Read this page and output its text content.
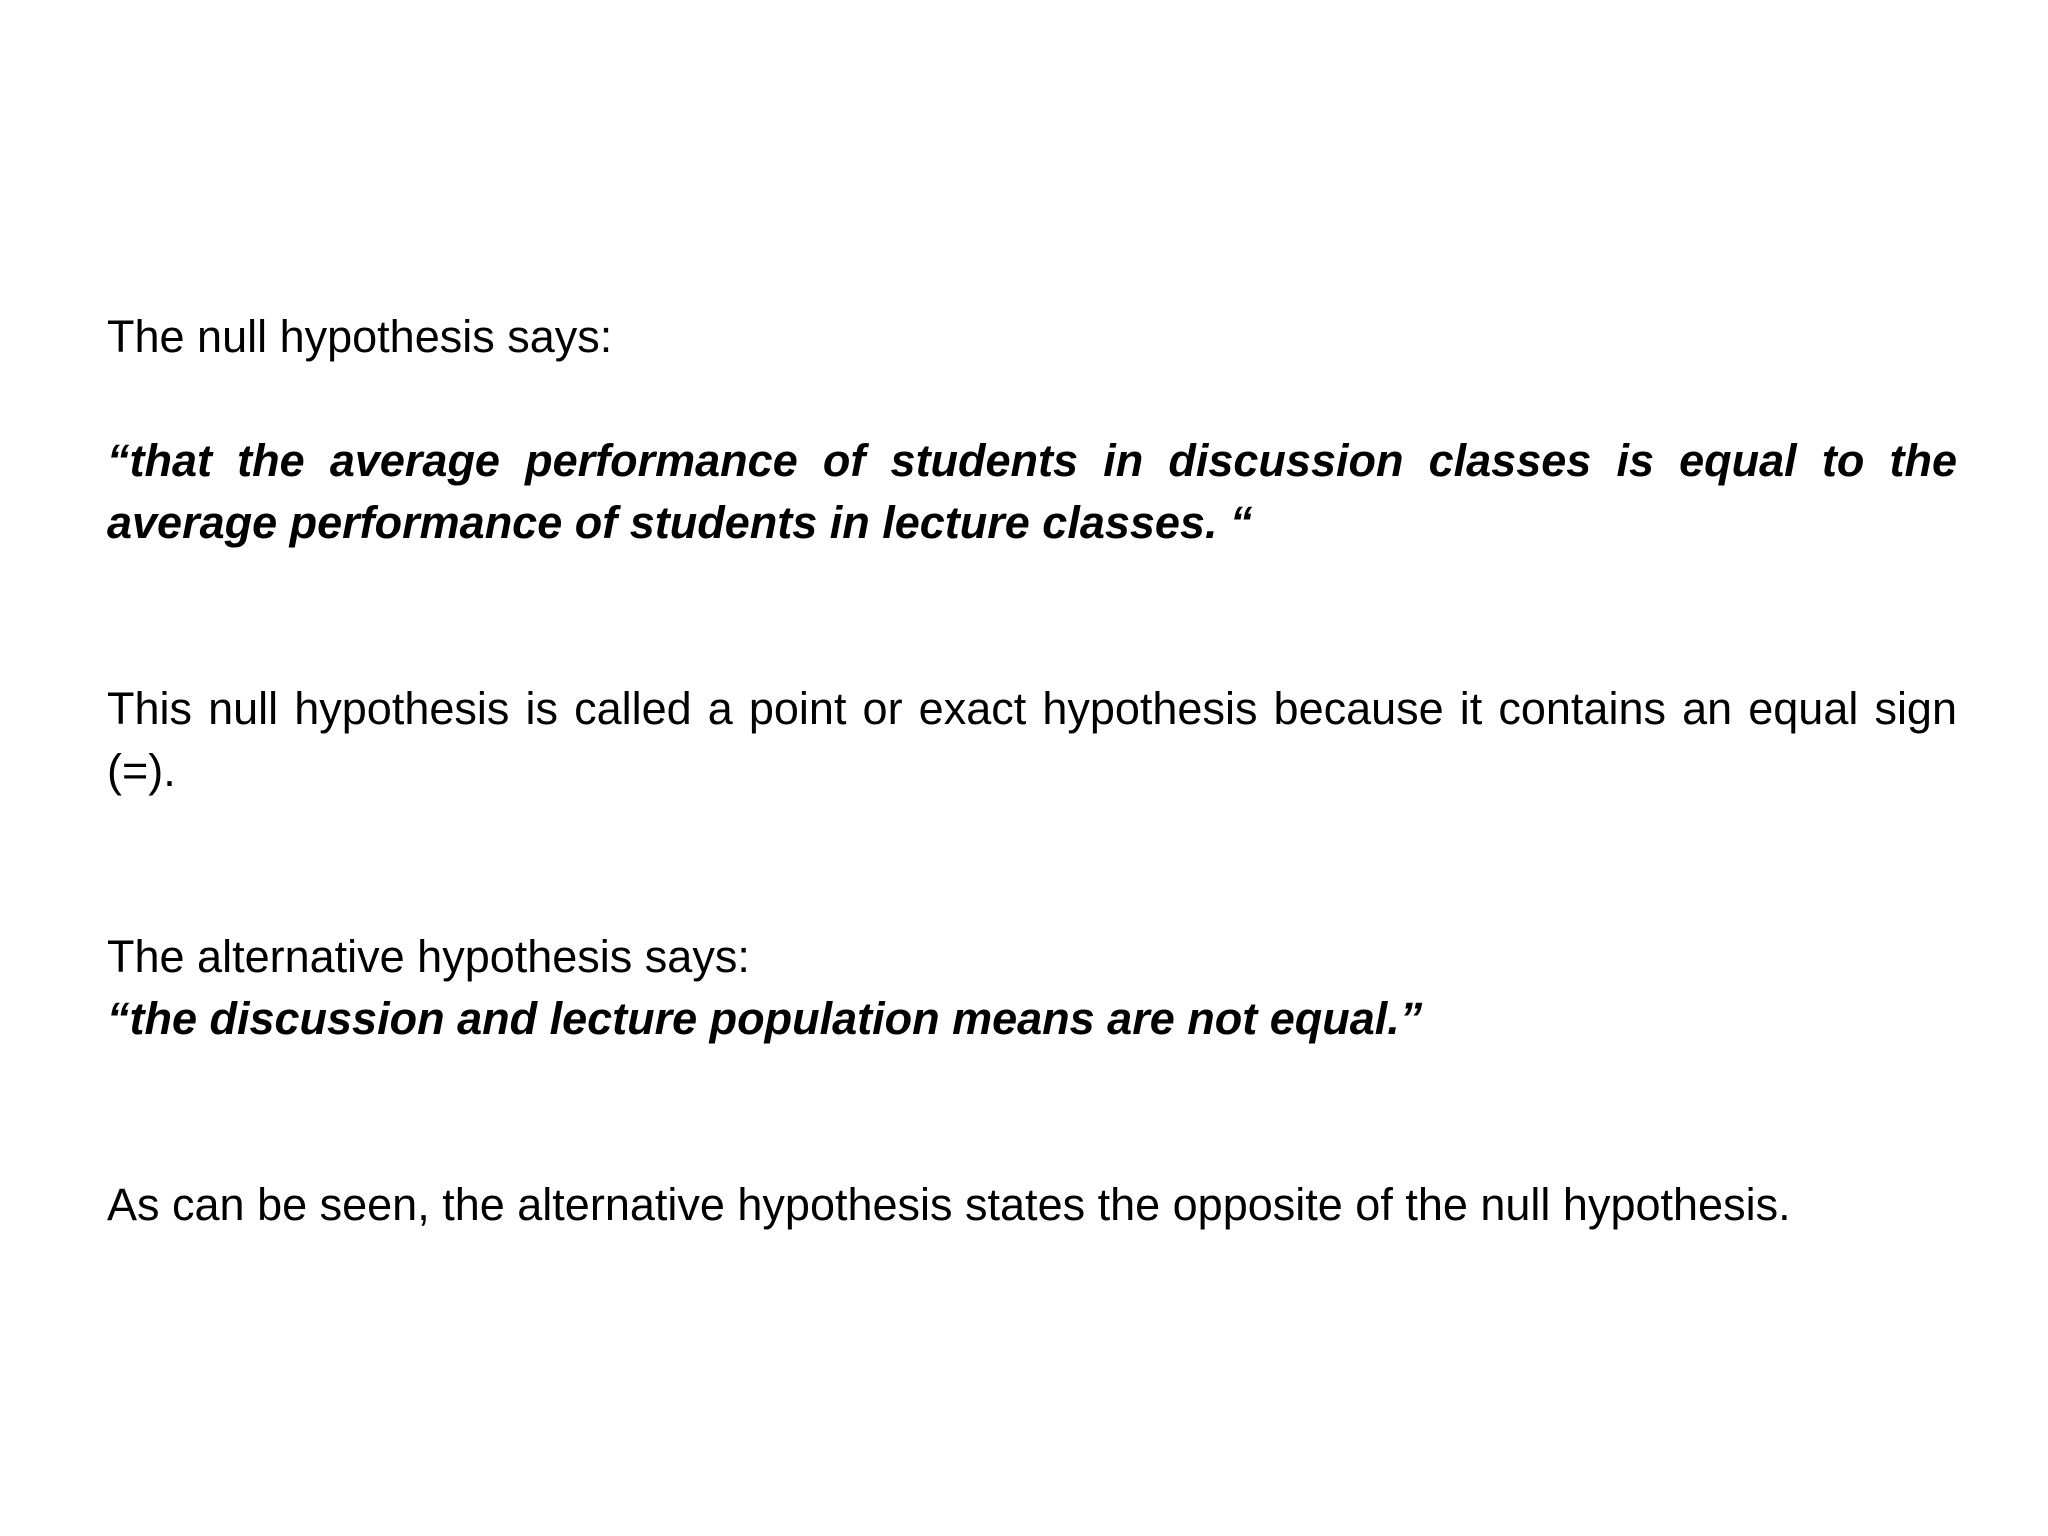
The null hypothesis says:

“that the average performance of students in discussion classes is equal to the average performance of students in lecture classes. “

This null hypothesis is called a point or exact hypothesis because it contains an equal sign (=).

The alternative hypothesis says:
“the discussion and lecture population means are not equal.”

As can be seen, the alternative hypothesis states the opposite of the null hypothesis.
